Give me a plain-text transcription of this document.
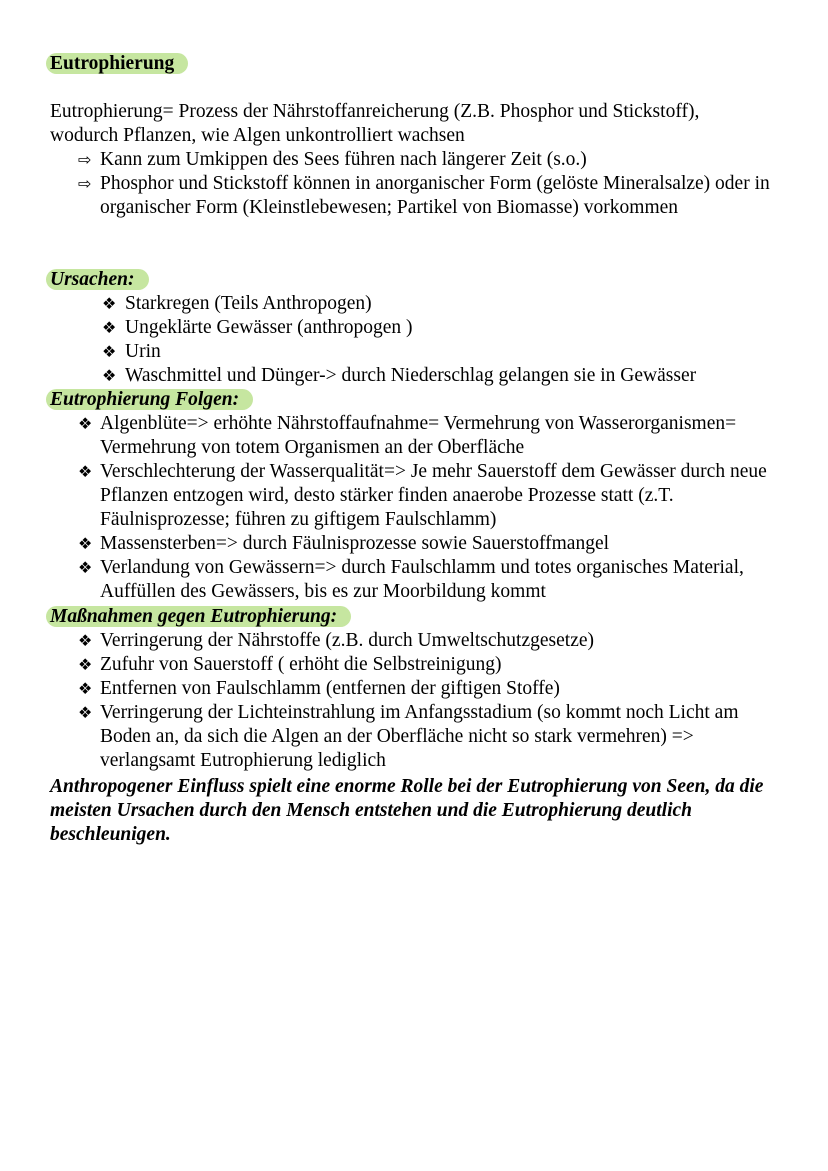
Eutrophierung
Eutrophierung= Prozess der Nährstoffanreicherung (Z.B. Phosphor und Stickstoff), wodurch Pflanzen, wie Algen unkontrolliert wachsen
⇨ Kann zum Umkippen des Sees führen nach längerer Zeit (s.o.)
⇨ Phosphor und Stickstoff können in anorganischer Form (gelöste Mineralsalze) oder in organischer Form (Kleinstlebewesen; Partikel von Biomasse) vorkommen
Ursachen:
❖ Starkregen (Teils Anthropogen)
❖ Ungeklärte Gewässer (anthropogen )
❖ Urin
❖ Waschmittel und Dünger-> durch Niederschlag gelangen sie in Gewässer
Eutrophierung Folgen:
❖ Algenblüte=> erhöhte Nährstoffaufnahme= Vermehrung von Wasserorganismen= Vermehrung von totem Organismen an der Oberfläche
❖ Verschlechterung der Wasserqualität=> Je mehr Sauerstoff dem Gewässer durch neue Pflanzen entzogen wird, desto stärker finden anaerobe Prozesse statt (z.T. Fäulnisprozesse; führen zu giftigem Faulschlamm)
❖ Massensterben=> durch Fäulnisprozesse sowie Sauerstoffmangel
❖ Verlandung von Gewässern=> durch Faulschlamm und totes organisches Material, Auffüllen des Gewässers, bis es zur Moorbildung kommt
Maßnahmen gegen Eutrophierung:
❖ Verringerung der Nährstoffe (z.B. durch Umweltschutzgesetze)
❖ Zufuhr von Sauerstoff ( erhöht die Selbstreinigung)
❖ Entfernen von Faulschlamm (entfernen der giftigen Stoffe)
❖ Verringerung der Lichteinstrahlung im Anfangsstadium (so kommt noch Licht am Boden an, da sich die Algen an der Oberfläche nicht so stark vermehren) => verlangsamt Eutrophierung lediglich
Anthropogener Einfluss spielt eine enorme Rolle bei der Eutrophierung von Seen, da die meisten Ursachen durch den Mensch entstehen und die Eutrophierung deutlich beschleunigen.
